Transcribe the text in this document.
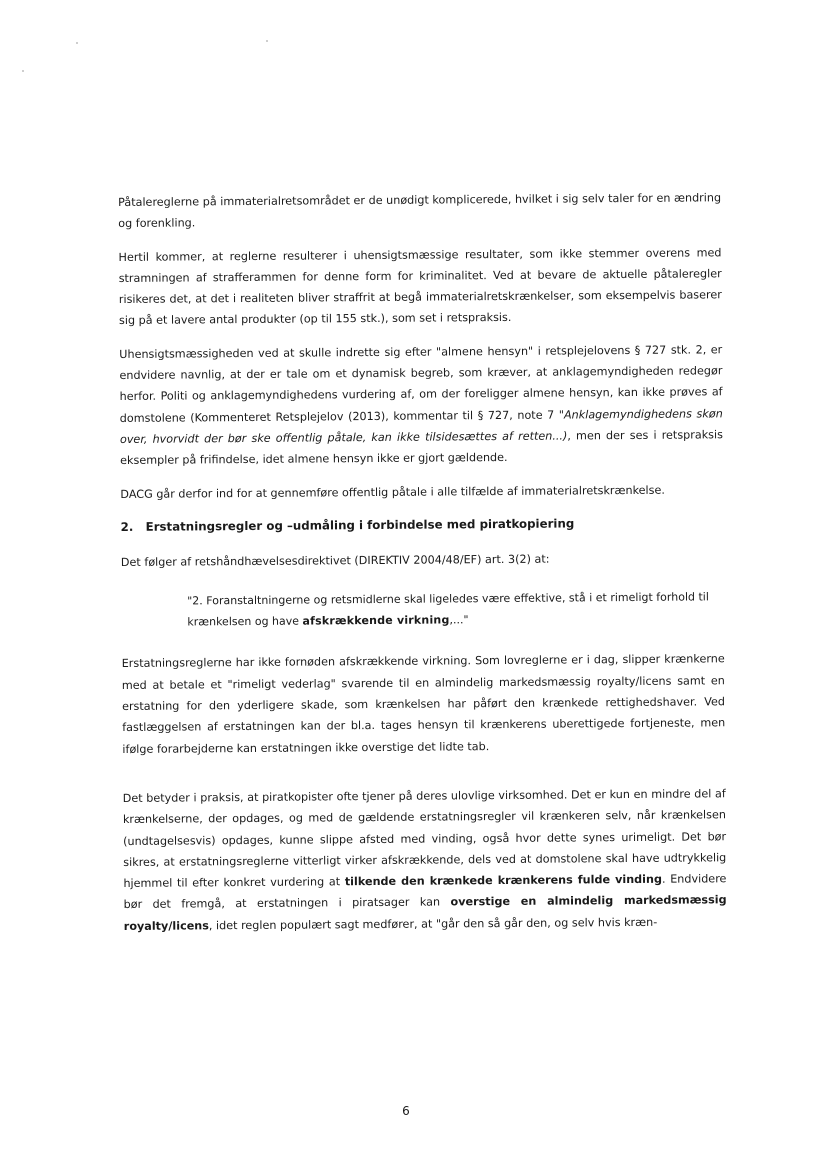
Påtalereglerne på immaterialretsområdet er de unødigt komplicerede, hvilket i sig selv taler for en ændring og forenkling.

Hertil kommer, at reglerne resulterer i uhensigtsmæssige resultater, som ikke stemmer overens med stramningen af strafferammen for denne form for kriminalitet. Ved at bevare de aktuelle påtaleregler risikeres det, at det i realiteten bliver straffrit at begå immaterialretskrænkelser, som eksempelvis baserer sig på et lavere antal produkter (op til 155 stk.), som set i retspraksis.

Uhensigtsmæssigheden ved at skulle indrette sig efter "almene hensyn" i retsplejelovens § 727 stk. 2, er endvidere navnlig, at der er tale om et dynamisk begreb, som kræver, at anklagemyndigheden redegør herfor. Politi og anklagemyndighedens vurdering af, om der foreligger almene hensyn, kan ikke prøves af domstolene (Kommenteret Retsplejelov (2013), kommentar til § 727, note 7 "Anklagemyndighedens skøn over, hvorvidt der bør ske offentlig påtale, kan ikke tilsidesættes af retten...), men der ses i retspraksis eksempler på frifindelse, idet almene hensyn ikke er gjort gældende.

DACG går derfor ind for at gennemføre offentlig påtale i alle tilfælde af immaterialretskrænkelse.

2. Erstatningsregler og –udmåling i forbindelse med piratkopiering

Det følger af retshåndhævelsesdirektivet (DIREKTIV 2004/48/EF) art. 3(2) at:

"2. Foranstaltningerne og retsmidlerne skal ligeledes være effektive, stå i et rimeligt forhold til krænkelsen og have afskrækkende virkning,..."

Erstatningsreglerne har ikke fornøden afskrækkende virkning. Som lovreglerne er i dag, slipper krænkerne med at betale et "rimeligt vederlag" svarende til en almindelig markedsmæssig royalty/licens samt en erstatning for den yderligere skade, som krænkelsen har påført den krænkede rettighedshaver. Ved fastlæggelsen af erstatningen kan der bl.a. tages hensyn til krænkerens uberettigede fortjeneste, men ifølge forarbejderne kan erstatningen ikke overstige det lidte tab.

Det betyder i praksis, at piratkopister ofte tjener på deres ulovlige virksomhed. Det er kun en mindre del af krænkelserne, der opdages, og med de gældende erstatningsregler vil krænkeren selv, når krænkelsen (undtagelsesvis) opdages, kunne slippe afsted med vinding, også hvor dette synes urimeligt. Det bør sikres, at erstatningsreglerne vitterligt virker afskrækkende, dels ved at domstolene skal have udtrykkelig hjemmel til efter konkret vurdering at tilkende den krænkede krænkerens fulde vinding. Endvidere bør det fremgå, at erstatningen i piratsager kan overstige en almindelig markedsmæssig royalty/licens, idet reglen populært sagt medfører, at "går den så går den, og selv hvis kræn-

6
